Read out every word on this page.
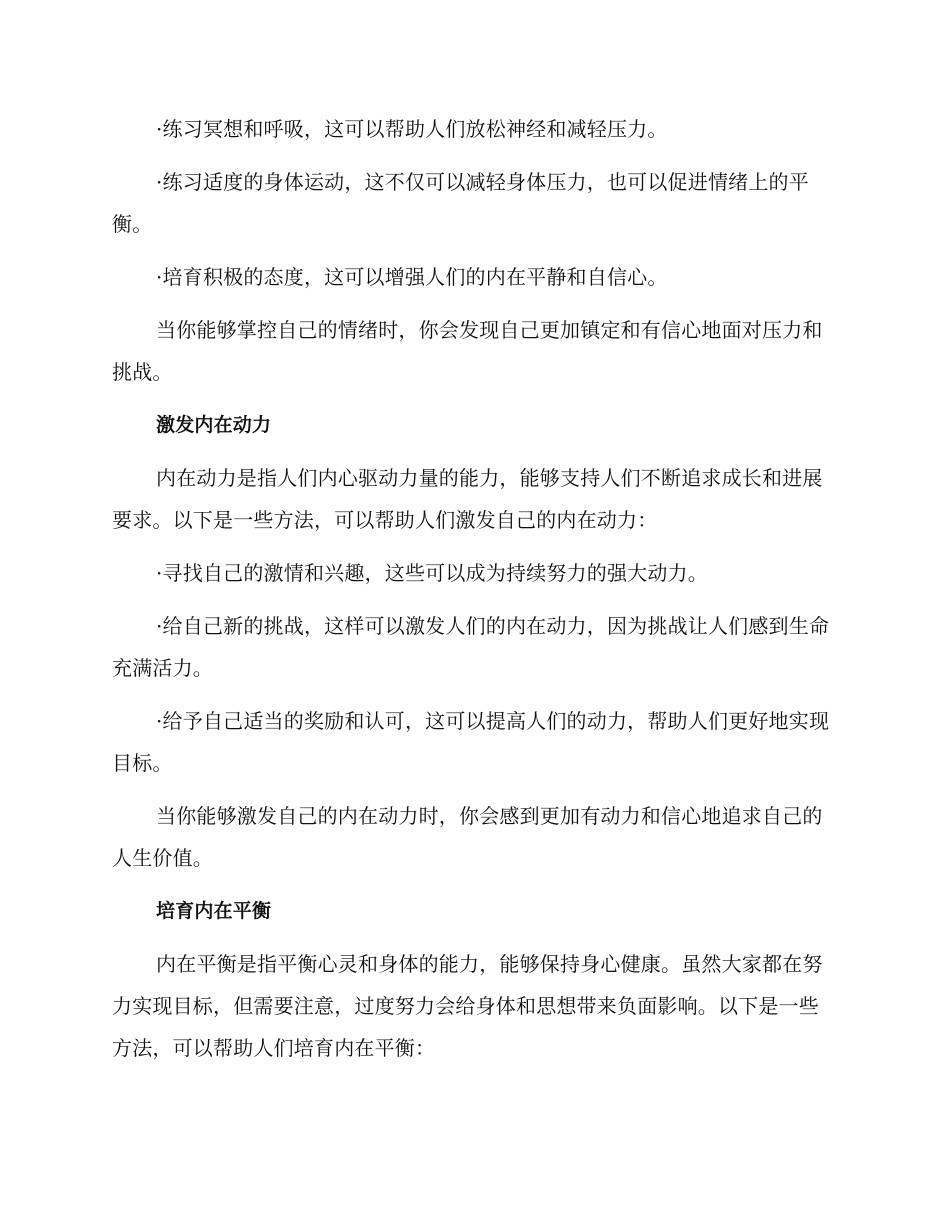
·练习冥想和呼吸，这可以帮助人们放松神经和减轻压力。

·练习适度的身体运动，这不仅可以减轻身体压力，也可以促进情绪上的平衡。

·培育积极的态度，这可以增强人们的内在平静和自信心。

当你能够掌控自己的情绪时，你会发现自己更加镇定和有信心地面对压力和挑战。

激发内在动力

内在动力是指人们内心驱动力量的能力，能够支持人们不断追求成长和进展要求。以下是一些方法，可以帮助人们激发自己的内在动力：

·寻找自己的激情和兴趣，这些可以成为持续努力的强大动力。

·给自己新的挑战，这样可以激发人们的内在动力，因为挑战让人们感到生命充满活力。

·给予自己适当的奖励和认可，这可以提高人们的动力，帮助人们更好地实现目标。

当你能够激发自己的内在动力时，你会感到更加有动力和信心地追求自己的人生价值。

培育内在平衡

内在平衡是指平衡心灵和身体的能力，能够保持身心健康。虽然大家都在努力实现目标，但需要注意，过度努力会给身体和思想带来负面影响。以下是一些方法，可以帮助人们培育内在平衡：
